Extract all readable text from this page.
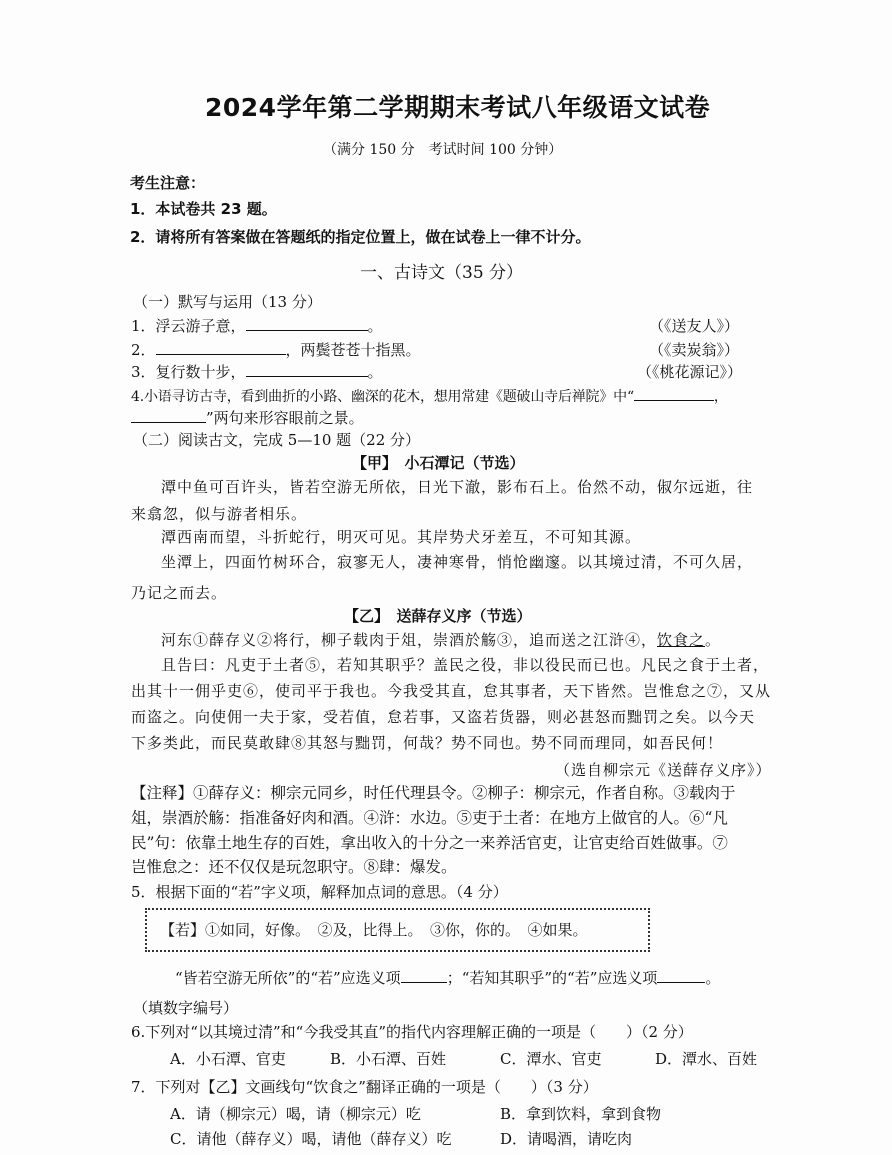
2024学年第二学期期末考试八年级语文试卷
（满分 150 分　考试时间 100 分钟）
考生注意：
1．本试卷共 23 题。
2．请将所有答案做在答题纸的指定位置上，做在试卷上一律不计分。
一、古诗文（35 分）
（一）默写与运用（13 分）
1．浮云游子意，	。	（《送友人》）
2．	，两鬓苍苍十指黑。	（《卖炭翁》）
3．复行数十步，	。	（《桃花源记》）
4.小语寻访古寺，看到曲折的小路、幽深的花木，想用常建《题破山寺后禅院》中“	，
”两句来形容眼前之景。
（二）阅读古文，完成 5—10 题（22 分）
【甲】　小石潭记（节选）
潭中鱼可百许头，皆若空游无所依，日光下澈，影布石上。佁然不动，俶尔远逝，往
来翕忽，似与游者相乐。
潭西南而望，斗折蛇行，明灭可见。其岸势犬牙差互，不可知其源。
坐潭上，四面竹树环合，寂寥无人，凄神寒骨，悄怆幽邃。以其境过清，不可久居，
乃记之而去。
【乙】　送薛存义序（节选）
河东①薛存义②将行，柳子载肉于俎，崇酒於觞③，追而送之江浒④，饮食之。
且告曰：凡吏于土者⑤，若知其职乎？盖民之役，非以役民而已也。凡民之食于土者，
出其十一佣乎吏⑥，使司平于我也。今我受其直，怠其事者，天下皆然。岂惟怠之⑦，又从
而盗之。向使佣一夫于家，受若值，怠若事，又盗若货器，则必甚怒而黜罚之矣。以今天
下多类此，而民莫敢肆⑧其怒与黜罚，何哉？势不同也。势不同而理同，如吾民何！
（选自柳宗元《送薛存义序》）
【注释】①薛存义：柳宗元同乡，时任代理县令。②柳子：柳宗元，作者自称。③载肉于
俎，崇酒於觞：指准备好肉和酒。④浒：水边。⑤吏于土者：在地方上做官的人。⑥“凡
民”句：依靠土地生存的百姓，拿出收入的十分之一来养活官吏，让官吏给百姓做事。⑦
岂惟怠之：还不仅仅是玩忽职守。⑧肆：爆发。
5．根据下面的“若”字义项，解释加点词的意思。（4 分）
【若】①如同，好像。　②及，比得上。　③你，你的。　④如果。
“皆若空游无所依”的“若”应选义项	；“若知其职乎”的“若”应选义项	。
（填数字编号）
6.下列对“以其境过清”和“今我受其直”的指代内容理解正确的一项是（　　）（2 分）
A．小石潭、官吏	B．小石潭、百姓	C．潭水、官吏	D．潭水、百姓
7．下列对【乙】文画线句“饮食之”翻译正确的一项是（　　）（3 分）
A．请（柳宗元）喝，请（柳宗元）吃	B．拿到饮料，拿到食物
C．请他（薛存义）喝，请他（薛存义）吃	D．请喝酒，请吃肉
